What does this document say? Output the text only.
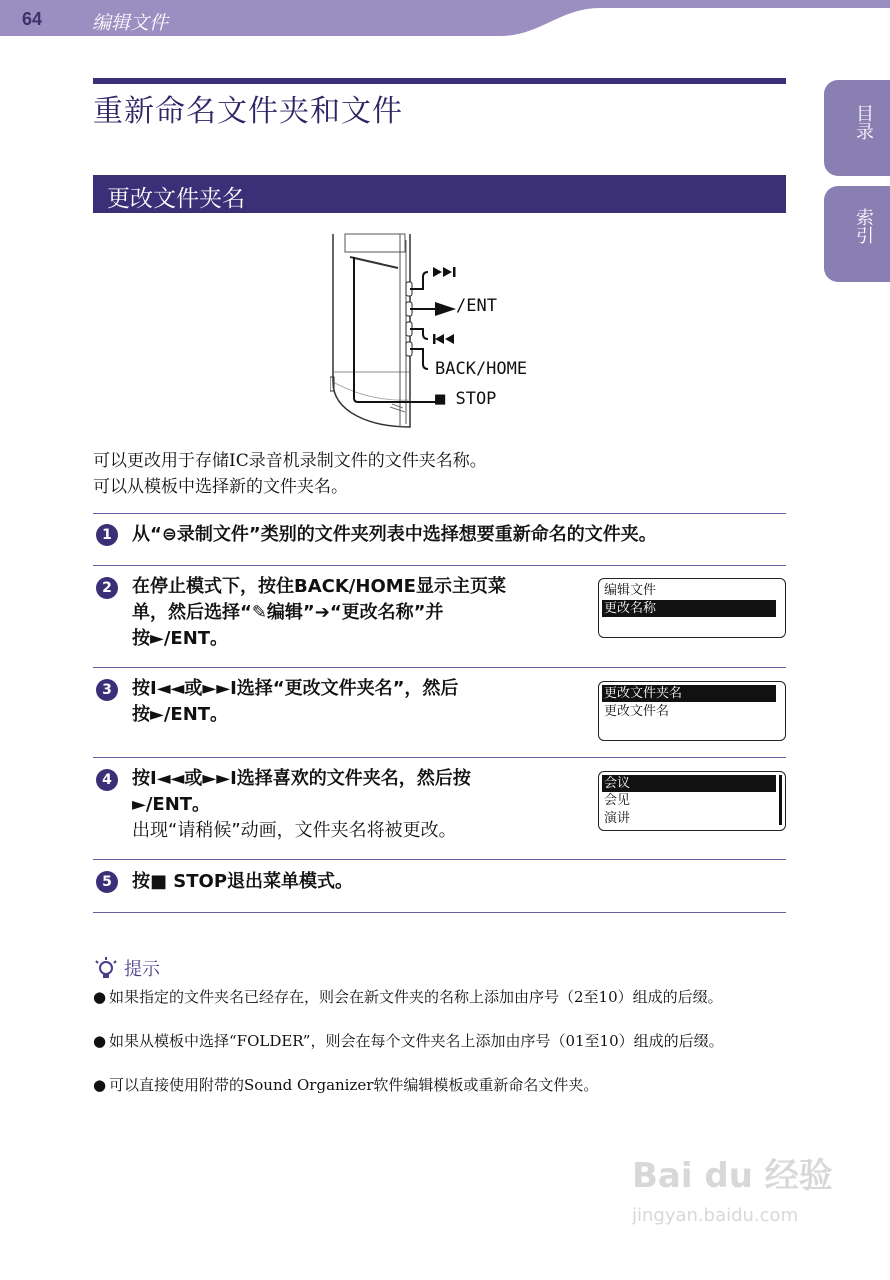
64	编辑文件
目录
索引
重新命名文件夹和文件
更改文件夹名
/ENT
BACK/HOME
■ STOP
可以更改用于存储IC录音机录制文件的文件夹名称。
可以从模板中选择新的文件夹名。
1	从“⊜录制文件”类别的文件夹列表中选择想要重新命名的文件夹。
2	在停止模式下，按住BACK/HOME显示主页菜
单，然后选择“✎编辑”➔“更改名称”并
按►/ENT。
编辑文件
更改名称
3	按I◄◄或►►I选择“更改文件夹名”，然后
按►/ENT。
更改文件夹名
更改文件名
4	按I◄◄或►►I选择喜欢的文件夹名，然后按
►/ENT。
出现“请稍候”动画，文件夹名将被更改。
会议
会见
演讲
5	按■ STOP退出菜单模式。
提示
● 如果指定的文件夹名已经存在，则会在新文件夹的名称上添加由序号（2至10）组成的后缀。
● 如果从模板中选择“FOLDER”，则会在每个文件夹名上添加由序号（01至10）组成的后缀。
● 可以直接使用附带的Sound Organizer软件编辑模板或重新命名文件夹。
Bai du 经验
jingyan.baidu.com
